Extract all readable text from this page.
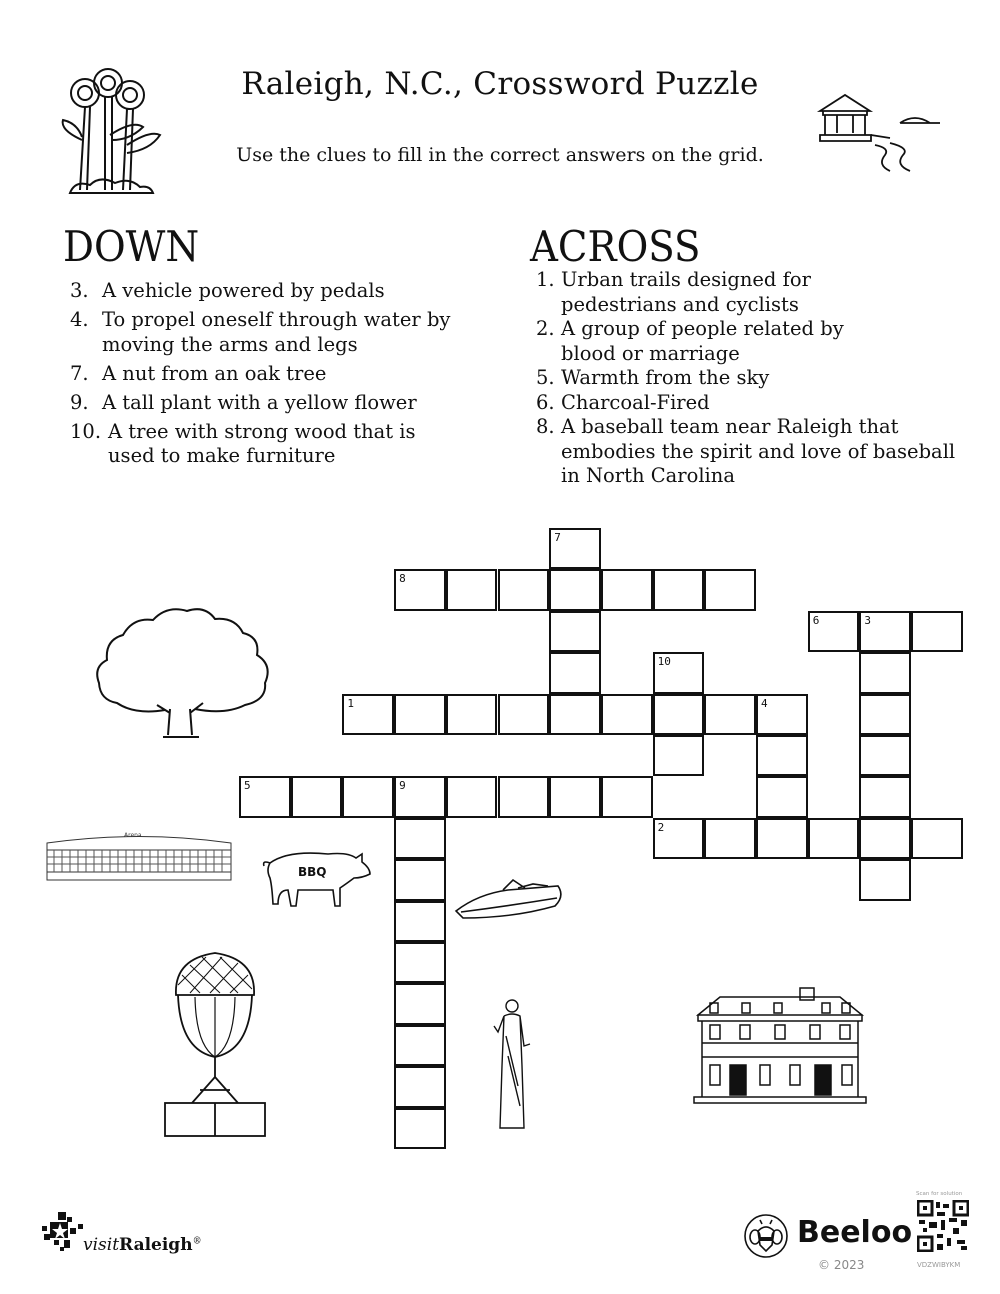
Raleigh, N.C., Crossword Puzzle
Use the clues to fill in the correct answers on the grid.
DOWN	ACROSS
3. A vehicle powered by pedals
4. To propel oneself through water by moving the arms and legs
7. A nut from an oak tree
9. A tall plant with a yellow flower
10. A tree with strong wood that is used to make furniture
1. Urban trails designed for pedestrians and cyclists
2. A group of people related by blood or marriage
5. Warmth from the sky
6. Charcoal-Fired
8. A baseball team near Raleigh that embodies the spirit and love of baseball in North Carolina
Arena
BBQ
7
8
6	3
10
1	4
5	9
2
visitRaleigh®	Beeloo
© 2023
Scan for solution
VDZWIBYKM
